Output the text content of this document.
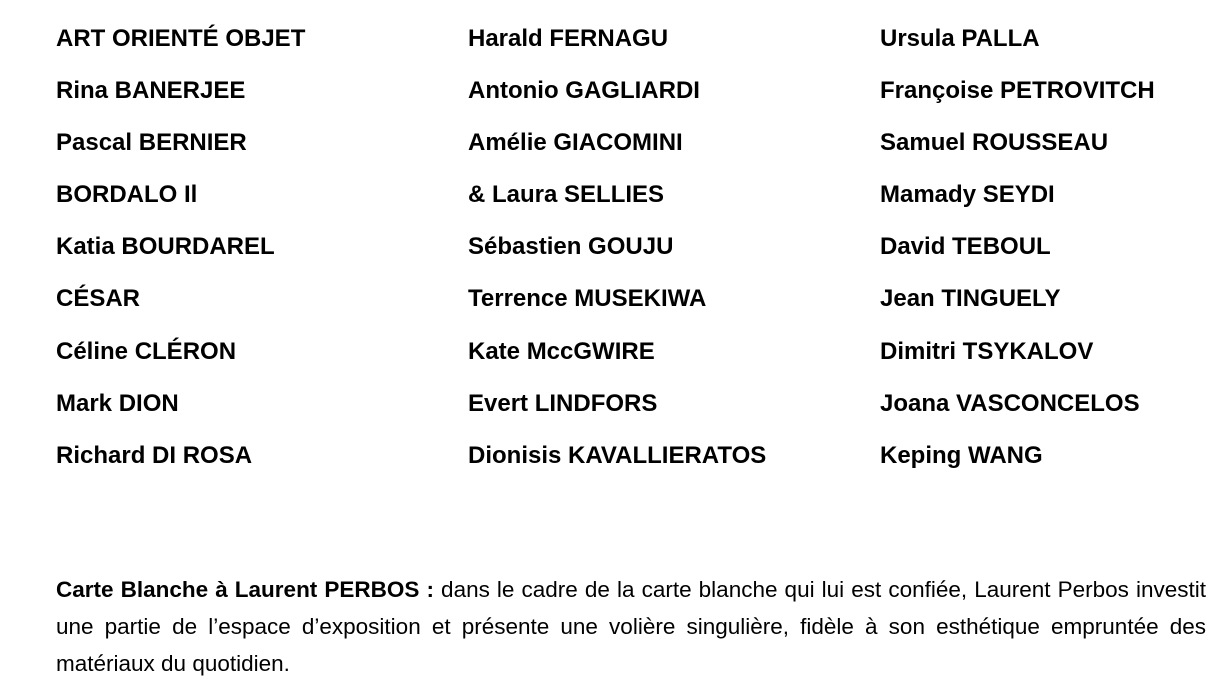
ART ORIENTÉ OBJET
Rina BANERJEE
Pascal BERNIER
BORDALO Il
Katia BOURDAREL
CÉSAR
Céline CLÉRON
Mark DION
Richard DI ROSA
Harald FERNAGU
Antonio GAGLIARDI
Amélie GIACOMINI
& Laura SELLIES
Sébastien GOUJU
Terrence MUSEKIWA
Kate MccGWIRE
Evert LINDFORS
Dionisis KAVALLIERATOS
Ursula PALLA
Françoise PETROVITCH
Samuel ROUSSEAU
Mamady SEYDI
David TEBOUL
Jean TINGUELY
Dimitri TSYKALOV
Joana VASCONCELOS
Keping WANG

Carte Blanche à Laurent PERBOS : dans le cadre de la carte blanche qui lui est confiée, Laurent Perbos investit une partie de l’espace d’exposition et présente une volière singulière, fidèle à son esthétique empruntée des matériaux du quotidien.
